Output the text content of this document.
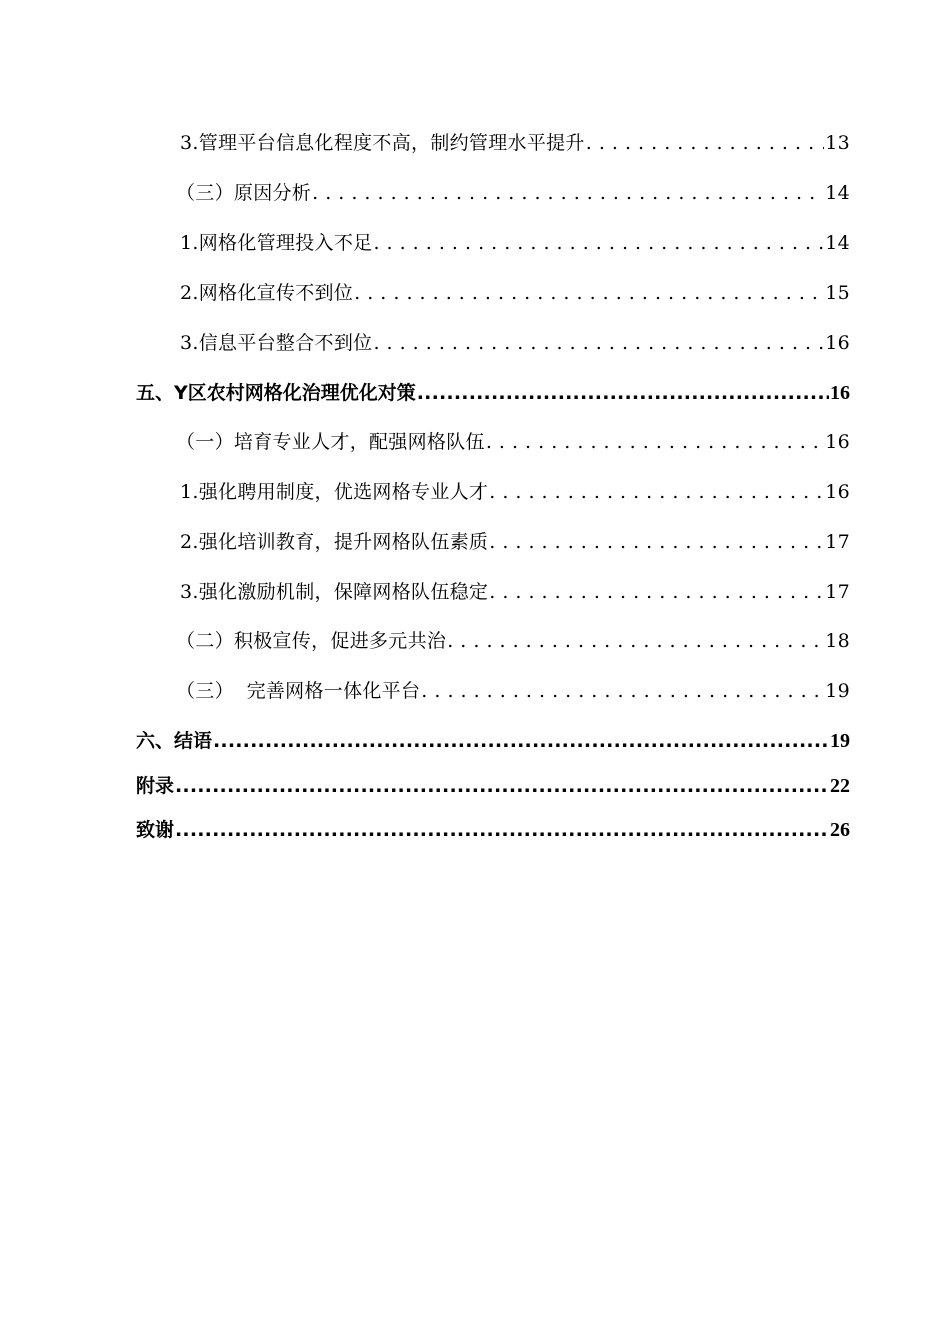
3.管理平台信息化程度不高，制约管理水平提升 . . .	13
（三）原因分析 . . .	14
1.网格化管理投入不足 . . .	14
2.网格化宣传不到位 . . .	15
3.信息平台整合不到位 . . .	16
五、Y区农村网格化治理优化对策 .....	16
（一）培育专业人才，配强网格队伍 . . .	16
1.强化聘用制度，优选网格专业人才 . . .	16
2.强化培训教育，提升网格队伍素质 . . .	17
3.强化激励机制，保障网格队伍稳定 . . .	17
（二）积极宣传，促进多元共治 . . .	18
（三）  完善网格一体化平台 . . .	19
六、结语 .....	19
附录 .....	22
致谢 .....	26
